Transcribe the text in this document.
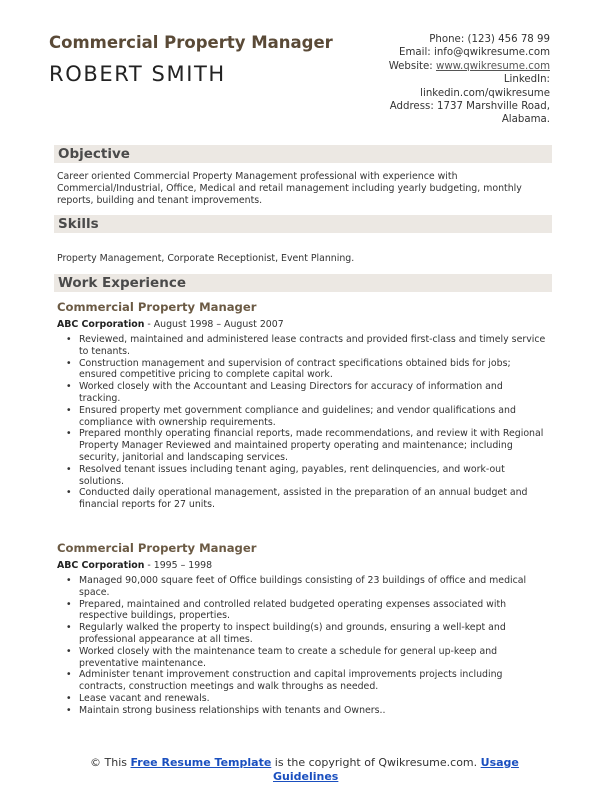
Commercial Property Manager
ROBERT SMITH
Phone: (123) 456 78 99
Email: info@qwikresume.com
Website: www.qwikresume.com
LinkedIn:
linkedin.com/qwikresume
Address: 1737 Marshville Road,
Alabama.
Objective
Career oriented Commercial Property Management professional with experience with Commercial/Industrial, Office, Medical and retail management including yearly budgeting, monthly reports, building and tenant improvements.
Skills
Property Management, Corporate Receptionist, Event Planning.
Work Experience
Commercial Property Manager
ABC Corporation - August 1998 – August 2007
• Reviewed, maintained and administered lease contracts and provided first-class and timely service to tenants.
• Construction management and supervision of contract specifications obtained bids for jobs; ensured competitive pricing to complete capital work.
• Worked closely with the Accountant and Leasing Directors for accuracy of information and tracking.
• Ensured property met government compliance and guidelines; and vendor qualifications and compliance with ownership requirements.
• Prepared monthly operating financial reports, made recommendations, and review it with Regional Property Manager Reviewed and maintained property operating and maintenance; including security, janitorial and landscaping services.
• Resolved tenant issues including tenant aging, payables, rent delinquencies, and work-out solutions.
• Conducted daily operational management, assisted in the preparation of an annual budget and financial reports for 27 units.
Commercial Property Manager
ABC Corporation - 1995 – 1998
• Managed 90,000 square feet of Office buildings consisting of 23 buildings of office and medical space.
• Prepared, maintained and controlled related budgeted operating expenses associated with respective buildings, properties.
• Regularly walked the property to inspect building(s) and grounds, ensuring a well-kept and professional appearance at all times.
• Worked closely with the maintenance team to create a schedule for general up-keep and preventative maintenance.
• Administer tenant improvement construction and capital improvements projects including contracts, construction meetings and walk throughs as needed.
• Lease vacant and renewals.
• Maintain strong business relationships with tenants and Owners..
© This Free Resume Template is the copyright of Qwikresume.com. Usage
Guidelines
